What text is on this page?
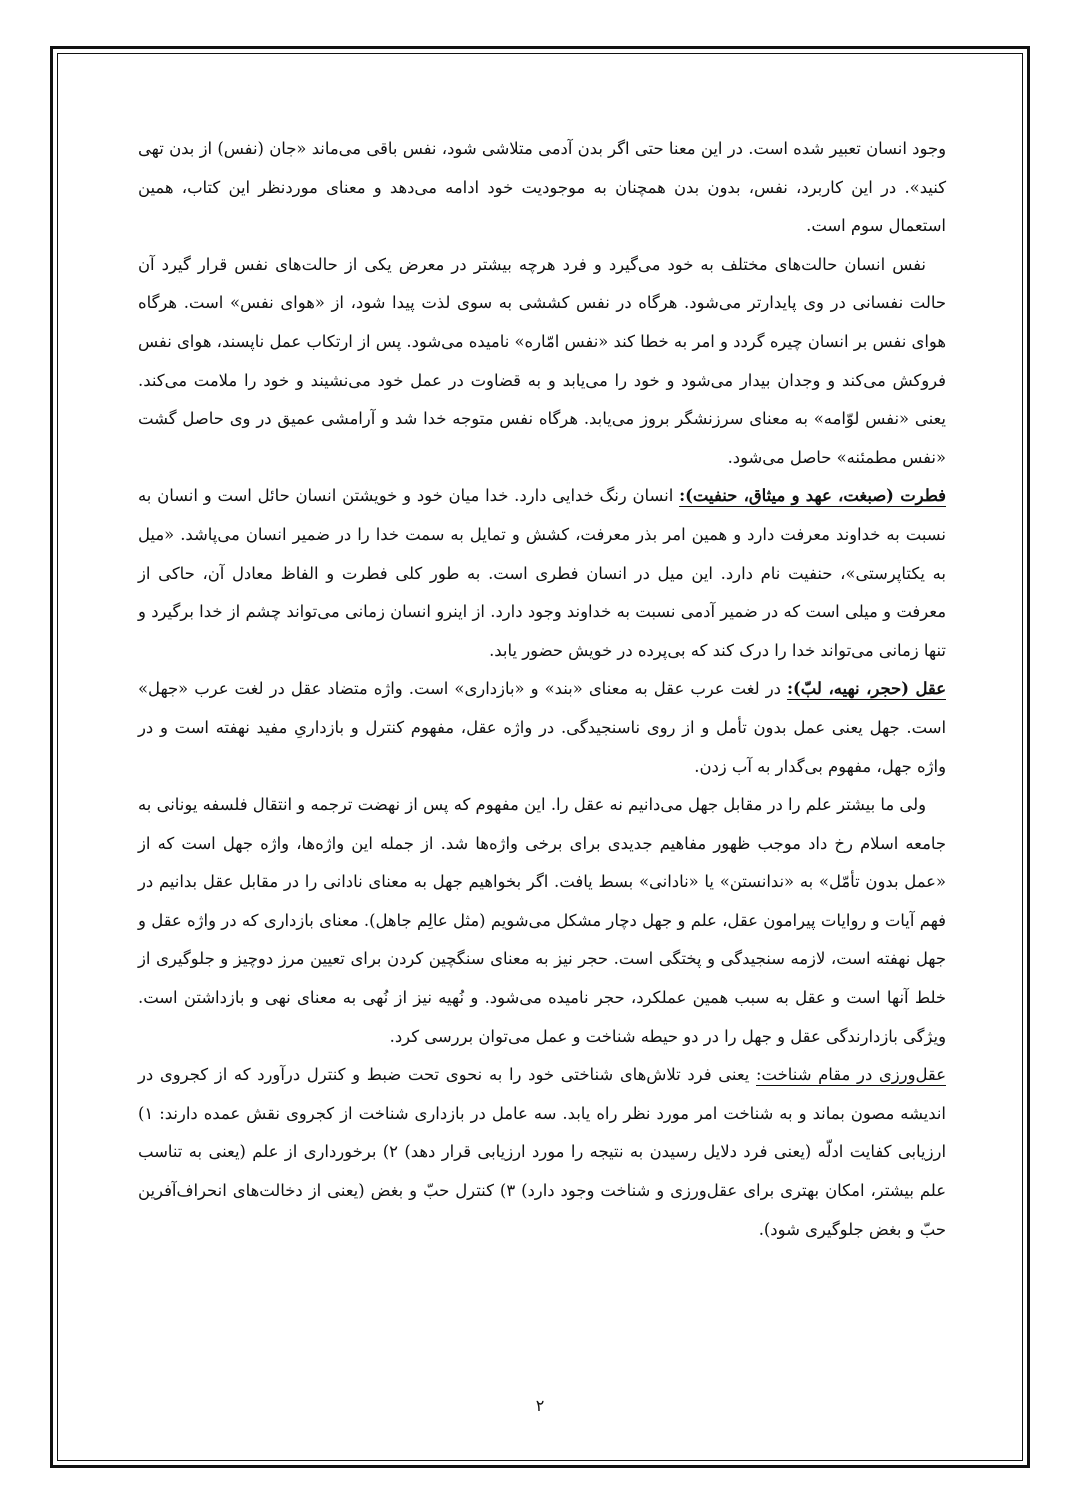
وجود انسان تعبیر شده است. در این معنا حتی اگر بدن آدمی متلاشی شود، نفس باقی می‌ماند «جان (نفس) از بدن تهی کنید». در این کاربرد، نفس، بدون بدن همچنان به موجودیت خود ادامه می‌دهد و معنای موردنظر این کتاب، همین استعمال سوم است.

نفس انسان حالت‌های مختلف به خود می‌گیرد و فرد هرچه بیشتر در معرض یکی از حالت‌های نفس قرار گیرد آن حالت نفسانی در وی پایدارتر می‌شود. هرگاه در نفس کششی به سوی لذت پیدا شود، از «هوای نفس» است. هرگاه هوای نفس بر انسان چیره گردد و امر به خطا کند «نفس امّاره» نامیده می‌شود. پس از ارتکاب عمل ناپسند، هوای نفس فروکش می‌کند و وجدان بیدار می‌شود و خود را می‌یابد و به قضاوت در عمل خود می‌نشیند و خود را ملامت می‌کند. یعنی «نفس لوّامه» به معنای سرزنشگر بروز می‌یابد. هرگاه نفس متوجه خدا شد و آرامشی عمیق در وی حاصل گشت «نفس مطمئنه» حاصل می‌شود.

فطرت (صبغت، عهد و میثاق، حنفیت): انسان رنگ خدایی دارد. خدا میان خود و خویشتن انسان حائل است و انسان به نسبت به خداوند معرفت دارد و همین امر بذر معرفت، کشش و تمایل به سمت خدا را در ضمیر انسان می‌پاشد. «میل به یکتاپرستی»، حنفیت نام دارد. این میل در انسان فطری است. به طور کلی فطرت و الفاظ معادل آن، حاکی از معرفت و میلی است که در ضمیر آدمی نسبت به خداوند وجود دارد. از اینرو انسان زمانی می‌تواند چشم از خدا برگیرد و تنها زمانی می‌تواند خدا را درک کند که بی‌پرده در خویش حضور یابد.

عقل (حجر، نهیه، لبّ): در لغت عرب عقل به معنای «بند» و «بازداری» است. واژه متضاد عقل در لغت عرب «جهل» است. جهل یعنی عمل بدون تأمل و از روی ناسنجیدگی. در واژه عقل، مفهوم کنترل و بازداریِ مفید نهفته است و در واژه جهل، مفهوم بی‌گدار به آب زدن.

ولی ما بیشتر علم را در مقابل جهل می‌دانیم نه عقل را. این مفهوم که پس از نهضت ترجمه و انتقال فلسفه یونانی به جامعه اسلام رخ داد موجب ظهور مفاهیم جدیدی برای برخی واژه‌ها شد. از جمله این واژه‌ها، واژه جهل است که از «عمل بدون تأمّل» به «ندانستن» یا «نادانی» بسط یافت. اگر بخواهیم جهل به معنای نادانی را در مقابل عقل بدانیم در فهم آیات و روایات پیرامون عقل، علم و جهل دچار مشکل می‌شویم (مثل عالِم جاهل). معنای بازداری که در واژه عقل و جهل نهفته است، لازمه سنجیدگی و پختگی است. حجر نیز به معنای سنگچین کردن برای تعیین مرز دوچیز و جلوگیری از خلط آنها است و عقل به سبب همین عملکرد، حجر نامیده می‌شود. و نُهیه نیز از نُهی به معنای نهی و بازداشتن است. ویژگی بازدارندگی عقل و جهل را در دو حیطه شناخت و عمل می‌توان بررسی کرد.

عقل‌ورزی در مقام شناخت: یعنی فرد تلاش‌های شناختی خود را به نحوی تحت ضبط و کنترل درآورد که از کجروی در اندیشه مصون بماند و به شناخت امر مورد نظر راه یابد. سه عامل در بازداری شناخت از کجروی نقش عمده دارند: ۱) ارزیابی کفایت ادلّه (یعنی فرد دلایل رسیدن به نتیجه را مورد ارزیابی قرار دهد) ۲) برخورداری از علم (یعنی به تناسب علم بیشتر، امکان بهتری برای عقل‌ورزی و شناخت وجود دارد) ۳) کنترل حبّ و بغض (یعنی از دخالت‌های انحراف‌آفرین حبّ و بغض جلوگیری شود).

۲
